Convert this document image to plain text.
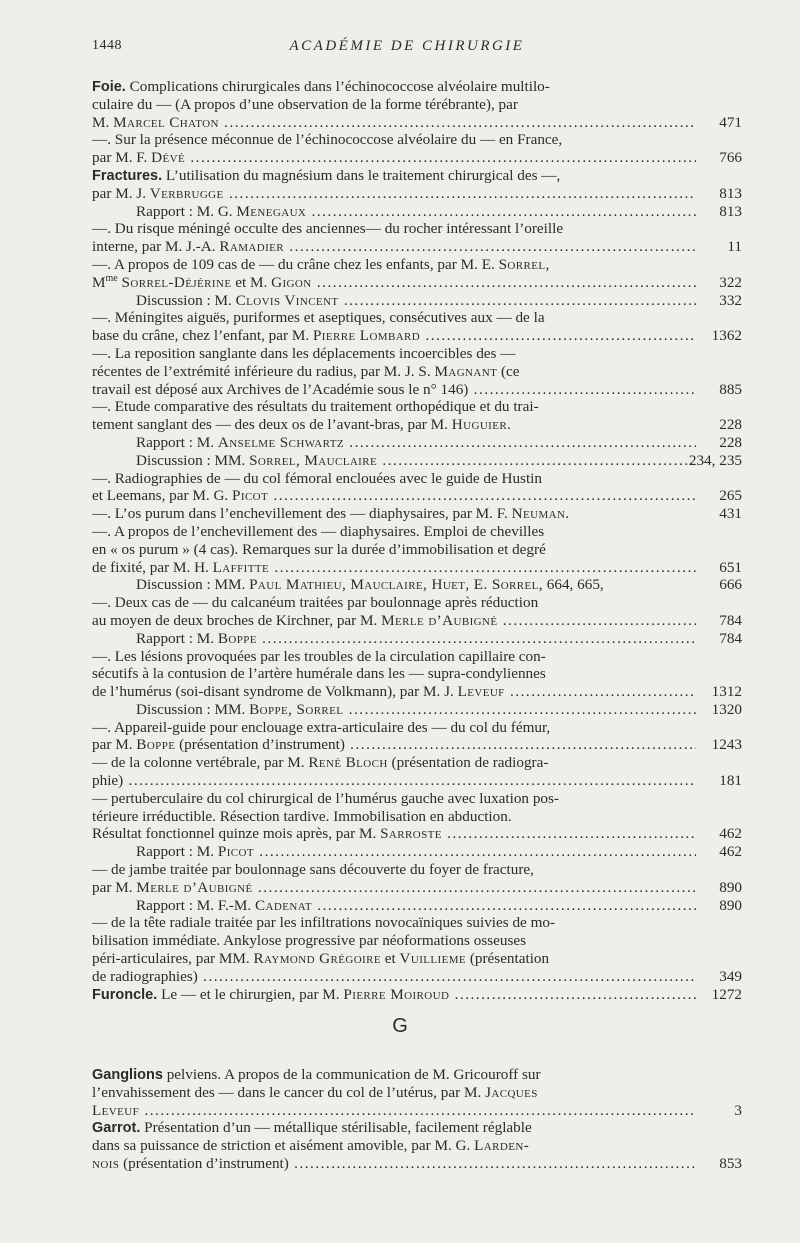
1448	ACADÉMIE DE CHIRURGIE
Foie. Complications chirurgicales dans l’échinococcose alvéolaire multilo-
culaire du — (A propos d’une observation de la forme térébrante), par
M. Marcel Chaton .....	471
—. Sur la présence méconnue de l’échinococcose alvéolaire du — en France,
par M. F. Dévé .....	766
Fractures. L’utilisation du magnésium dans le traitement chirurgical des —,
par M. J. Verbrugge .....	813
Rapport : M. G. Menegaux .....	813
—. Du risque méningé occulte des anciennes— du rocher intéressant l’oreille
interne, par M. J.-A. Ramadier .....	11
—. A propos de 109 cas de — du crâne chez les enfants, par M. E. Sorrel,
$M^{me}$ Sorrel-Déjérine et M. Gigon .....	322
Discussion : M. Clovis Vincent .....	332
—. Méningites aiguës, puriformes et aseptiques, consécutives aux — de la
base du crâne, chez l’enfant, par M. Pierre Lombard .....	1362
—. La reposition sanglante dans les déplacements incoercibles des —
récentes de l’extrémité inférieure du radius, par M. J. S. Magnant (ce
travail est déposé aux Archives de l’Académie sous le n° 146) .....	885
—. Etude comparative des résultats du traitement orthopédique et du trai-
tement sanglant des — des deux os de l’avant-bras, par M. Huguier.	228
Rapport : M. Anselme Schwartz .....	228
Discussion : MM. Sorrel, Mauclaire .....	234, 235
—. Radiographies de — du col fémoral enclouées avec le guide de Hustin
et Leemans, par M. G. Picot .....	265
—. L’os purum dans l’enchevillement des — diaphysaires, par M. F. Neuman.	431
—. A propos de l’enchevillement des — diaphysaires. Emploi de chevilles
en « os purum » (4 cas). Remarques sur la durée d’immobilisation et degré
de fixité, par M. H. Laffitte .....	651
Discussion : MM. Paul Mathieu, Mauclaire, Huet, E. Sorrel, 664, 665,	666
—. Deux cas de — du calcanéum traitées par boulonnage après réduction
au moyen de deux broches de Kirchner, par M. Merle d’Aubigné .....	784
Rapport : M. Boppe .....	784
—. Les lésions provoquées par les troubles de la circulation capillaire con-
sécutifs à la contusion de l’artère humérale dans les — supra-condyliennes
de l’humérus (soi-disant syndrome de Volkmann), par M. J. Leveuf .....	1312
Discussion : MM. Boppe, Sorrel .....	1320
—. Appareil-guide pour enclouage extra-articulaire des — du col du fémur,
par M. Boppe (présentation d’instrument) .....	1243
— de la colonne vertébrale, par M. René Bloch (présentation de radiogra-
phie) .....	181
— pertuberculaire du col chirurgical de l’humérus gauche avec luxation pos-
térieure irréductible. Résection tardive. Immobilisation en abduction.
Résultat fonctionnel quinze mois après, par M. Sarroste .....	462
Rapport : M. Picot .....	462
— de jambe traitée par boulonnage sans découverte du foyer de fracture,
par M. Merle d’Aubigné .....	890
Rapport : M. F.-M. Cadenat .....	890
— de la tête radiale traitée par les infiltrations novocaïniques suivies de mo-
bilisation immédiate. Ankylose progressive par néoformations osseuses
péri-articulaires, par MM. Raymond Grégoire et Vuillieme (présentation
de radiographies) .....	349
Furoncle. Le — et le chirurgien, par M. Pierre Moiroud .....	1272
G
Ganglions pelviens. A propos de la communication de M. Gricouroff sur
l’envahissement des — dans le cancer du col de l’utérus, par M. Jacques
Leveuf .....	3
Garrot. Présentation d’un — métallique stérilisable, facilement réglable
dans sa puissance de striction et aisément amovible, par M. G. Larden-
nois (présentation d’instrument) .....	853
